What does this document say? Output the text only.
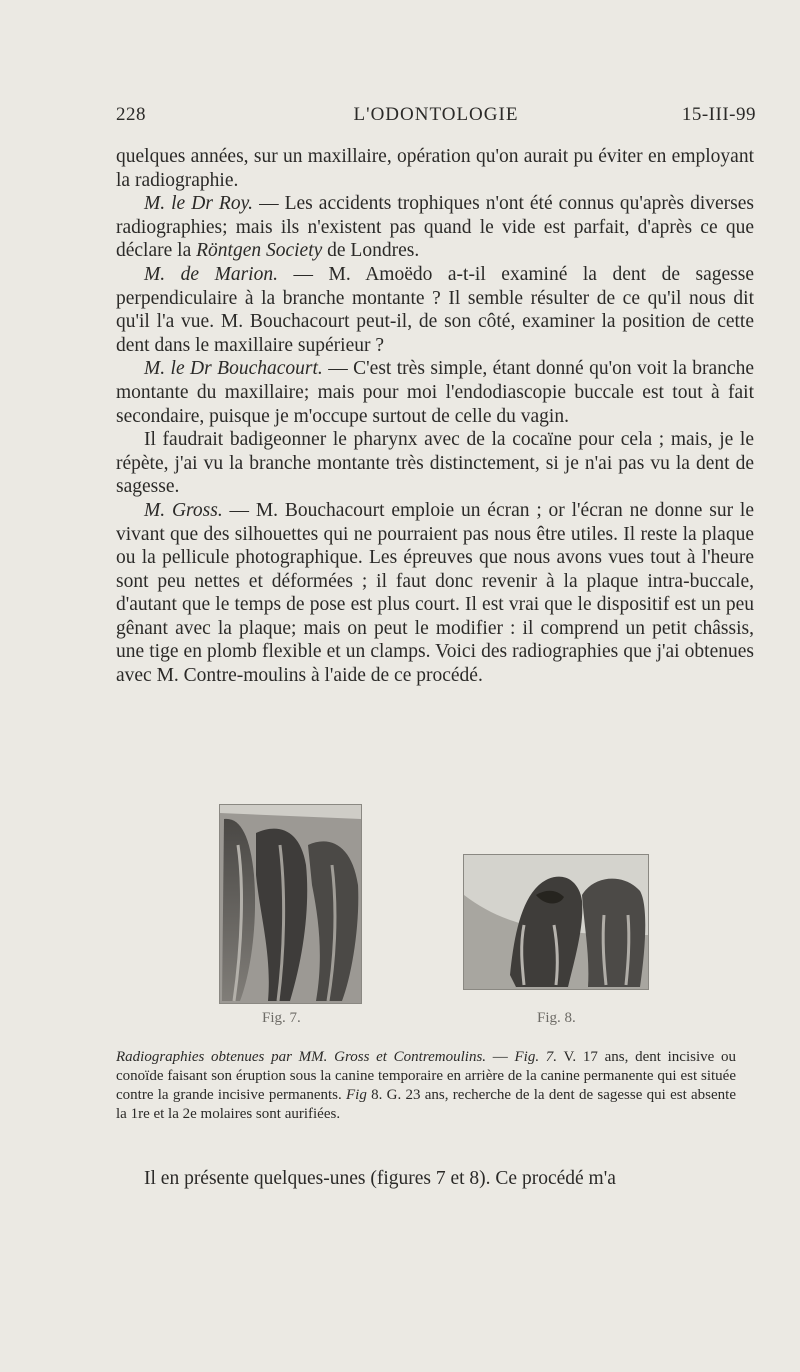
228	L'ODONTOLOGIE	15-III-99

quelques années, sur un maxillaire, opération qu'on aurait pu éviter en employant la radiographie.

M. le Dr Roy. — Les accidents trophiques n'ont été connus qu'après diverses radiographies; mais ils n'existent pas quand le vide est parfait, d'après ce que déclare la Röntgen Society de Londres.

M. de Marion. — M. Amoëdo a-t-il examiné la dent de sagesse perpendiculaire à la branche montante ? Il semble résulter de ce qu'il nous dit qu'il l'a vue. M. Bouchacourt peut-il, de son côté, examiner la position de cette dent dans le maxillaire supérieur ?

M. le Dr Bouchacourt. — C'est très simple, étant donné qu'on voit la branche montante du maxillaire; mais pour moi l'endodiascopie buccale est tout à fait secondaire, puisque je m'occupe surtout de celle du vagin.

Il faudrait badigeonner le pharynx avec de la cocaïne pour cela ; mais, je le répète, j'ai vu la branche montante très distinctement, si je n'ai pas vu la dent de sagesse.

M. Gross. — M. Bouchacourt emploie un écran ; or l'écran ne donne sur le vivant que des silhouettes qui ne pourraient pas nous être utiles. Il reste la plaque ou la pellicule photographique. Les épreuves que nous avons vues tout à l'heure sont peu nettes et déformées ; il faut donc revenir à la plaque intra-buccale, d'autant que le temps de pose est plus court. Il est vrai que le dispositif est un peu gênant avec la plaque; mais on peut le modifier : il comprend un petit châssis, une tige en plomb flexible et un clamps. Voici des radiographies que j'ai obtenues avec M. Contre-moulins à l'aide de ce procédé.

Fig. 7.	Fig. 8.

Radiographies obtenues par MM. Gross et Contremoulins. — Fig. 7. V. 17 ans, dent incisive ou conoïde faisant son éruption sous la canine temporaire en arrière de la canine permanente qui est située contre la grande incisive permanents. Fig 8. G. 23 ans, recherche de la dent de sagesse qui est absente la 1re et la 2e molaires sont aurifiées.

Il en présente quelques-unes (figures 7 et 8). Ce procédé m'a
